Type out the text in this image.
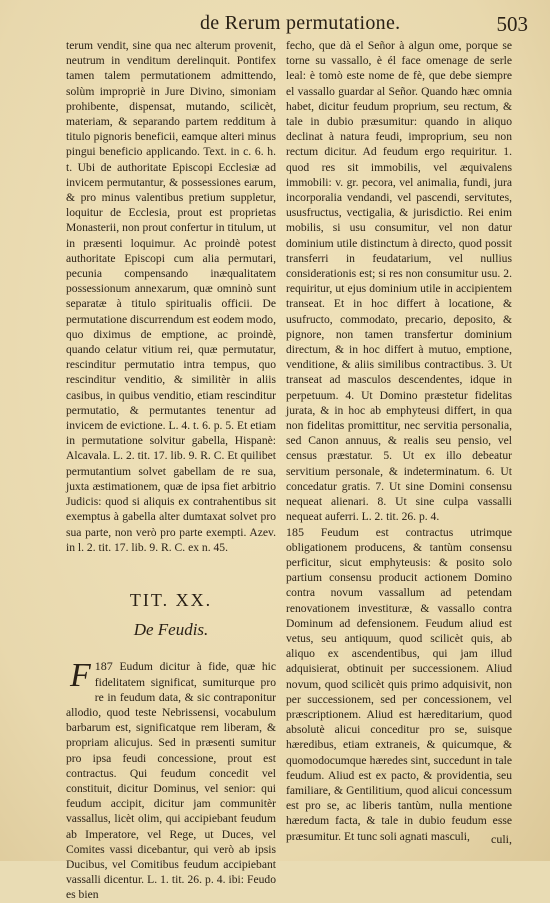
de Rerum permutatione.	503

terum vendit, sine qua nec alterum provenit, neutrum in venditum derelinquit. Pontifex tamen talem permutationem admittendo, solùm impropriè in Jure Divino, simoniam prohibente, dispensat, mutando, scilicèt, materiam, & separando partem redditum à titulo pignoris beneficii, eamque alteri minus pingui beneficio applicando. Text. in c. 6. h. t. Ubi de authoritate Episcopi Ecclesiæ ad invicem permutantur, & possessiones earum, & pro minus valentibus pretium suppletur, loquitur de Ecclesia, prout est proprietas Monasterii, non prout confertur in titulum, ut in præsenti loquimur. Ac proindè potest authoritate Episcopi cum alia permutari, pecunia compensando inæqualitatem possessionum annexarum, quæ omninò sunt separatæ à titulo spiritualis officii. De permutatione discurrendum est eodem modo, quo diximus de emptione, ac proindè, quando celatur vitium rei, quæ permutatur, rescinditur permutatio intra tempus, quo rescinditur venditio, & similitèr in aliis casibus, in quibus venditio, etiam rescinditur permutatio, & permutantes tenentur ad invicem de evictione. L. 4. t. 6. p. 5. Et etiam in permutatione solvitur gabella, Hispanè: Alcavala. L. 2. tit. 17. lib. 9. R. C. Et quilibet permutantium solvet gabellam de re sua, juxta æstimationem, quæ de ipsa fiet arbitrio Judicis: quod si aliquis ex contrahentibus sit exemptus à gabella alter dumtaxat solvet pro sua parte, non verò pro parte exempti. Azev. in l. 2. tit. 17. lib. 9. R. C. ex n. 45.

TIT. XX.
De Feudis.

187
F Eudum dicitur à fide, quæ hic fidelitatem significat, sumiturque pro re in feudum data, & sic contraponitur allodio, quod teste Nebrissensi, vocabulum barbarum est, significatque rem liberam, & propriam alicujus. Sed in præsenti sumitur pro ipsa feudi concessione, prout est contractus. Qui feudum concedit vel constituit, dicitur Dominus, vel senior: qui feudum accipit, dicitur jam communitèr vassallus, licèt olim, qui accipiebant feudum ab Imperatore, vel Rege, ut Duces, vel Comites vassi dicebantur, qui verò ab ipsis Ducibus, vel Comitibus feudum accipiebant vassalli dicentur. L. 1. tit. 26. p. 4. ibi: Feudo es bien

fecho, que dà el Señor à algun ome, porque se torne su vassallo, è él face omenage de serle leal: è tomò este nome de fè, que debe siempre el vassallo guardar al Señor. Quando hæc omnia habet, dicitur feudum proprium, seu rectum, & tale in dubio præsumitur: quando in aliquo declinat à natura feudi, improprium, seu non rectum dicitur. Ad feudum ergo requiritur. 1. quod res sit immobilis, vel æquivalens immobili: v. gr. pecora, vel animalia, fundi, jura incorporalia vendandi, vel pascendi, servitutes, ususfructus, vectigalia, & jurisdictio. Rei enim mobilis, si usu consumitur, vel non datur dominium utile distinctum à directo, quod possit transferri in feudatarium, vel nullius considerationis est; si res non consumitur usu. 2. requiritur, ut ejus dominium utile in accipientem transeat. Et in hoc differt à locatione, & usufructo, commodato, precario, deposito, & pignore, non tamen transfertur dominium directum, & in hoc differt à mutuo, emptione, venditione, & aliis similibus contractibus. 3. Ut transeat ad masculos descendentes, idque in perpetuum. 4. Ut Domino præstetur fidelitas jurata, & in hoc ab emphyteusi differt, in qua non fidelitas promittitur, nec servitia personalia, sed Canon annuus, & realis seu pensio, vel census præstatur. 5. Ut ex illo debeatur servitium personale, & indeterminatum. 6. Ut concedatur gratis. 7. Ut sine Domini consensu nequeat alienari. 8. Ut sine culpa vassalli nequeat auferri. L. 2. tit. 26. p. 4.

185 Feudum est contractus utrimque obligationem producens, & tantùm consensu perficitur, sicut emphyteusis: & posito solo partium consensu producit actionem Domino contra novum vassallum ad petendam renovationem investituræ, & vassallo contra Dominum ad defensionem. Feudum aliud est vetus, seu antiquum, quod scilicèt quis, ab aliquo ex ascendentibus, qui jam illud adquisierat, obtinuit per successionem. Aliud novum, quod scilicèt quis primo adquisivit, non per successionem, sed per concessionem, vel præscriptionem. Aliud est hæreditarium, quod absolutè alicui conceditur pro se, suisque hæredibus, etiam extraneis, & quicumque, & quomodocumque hæredes sint, succedunt in tale feudum. Aliud est ex pacto, & providentia, seu familiare, & Gentilitium, quod alicui concessum est pro se, ac liberis tantùm, nulla mentione hæredum facta, & tale in dubio feudum esse præsumitur. Et tunc soli agnati masculi,	culi,
